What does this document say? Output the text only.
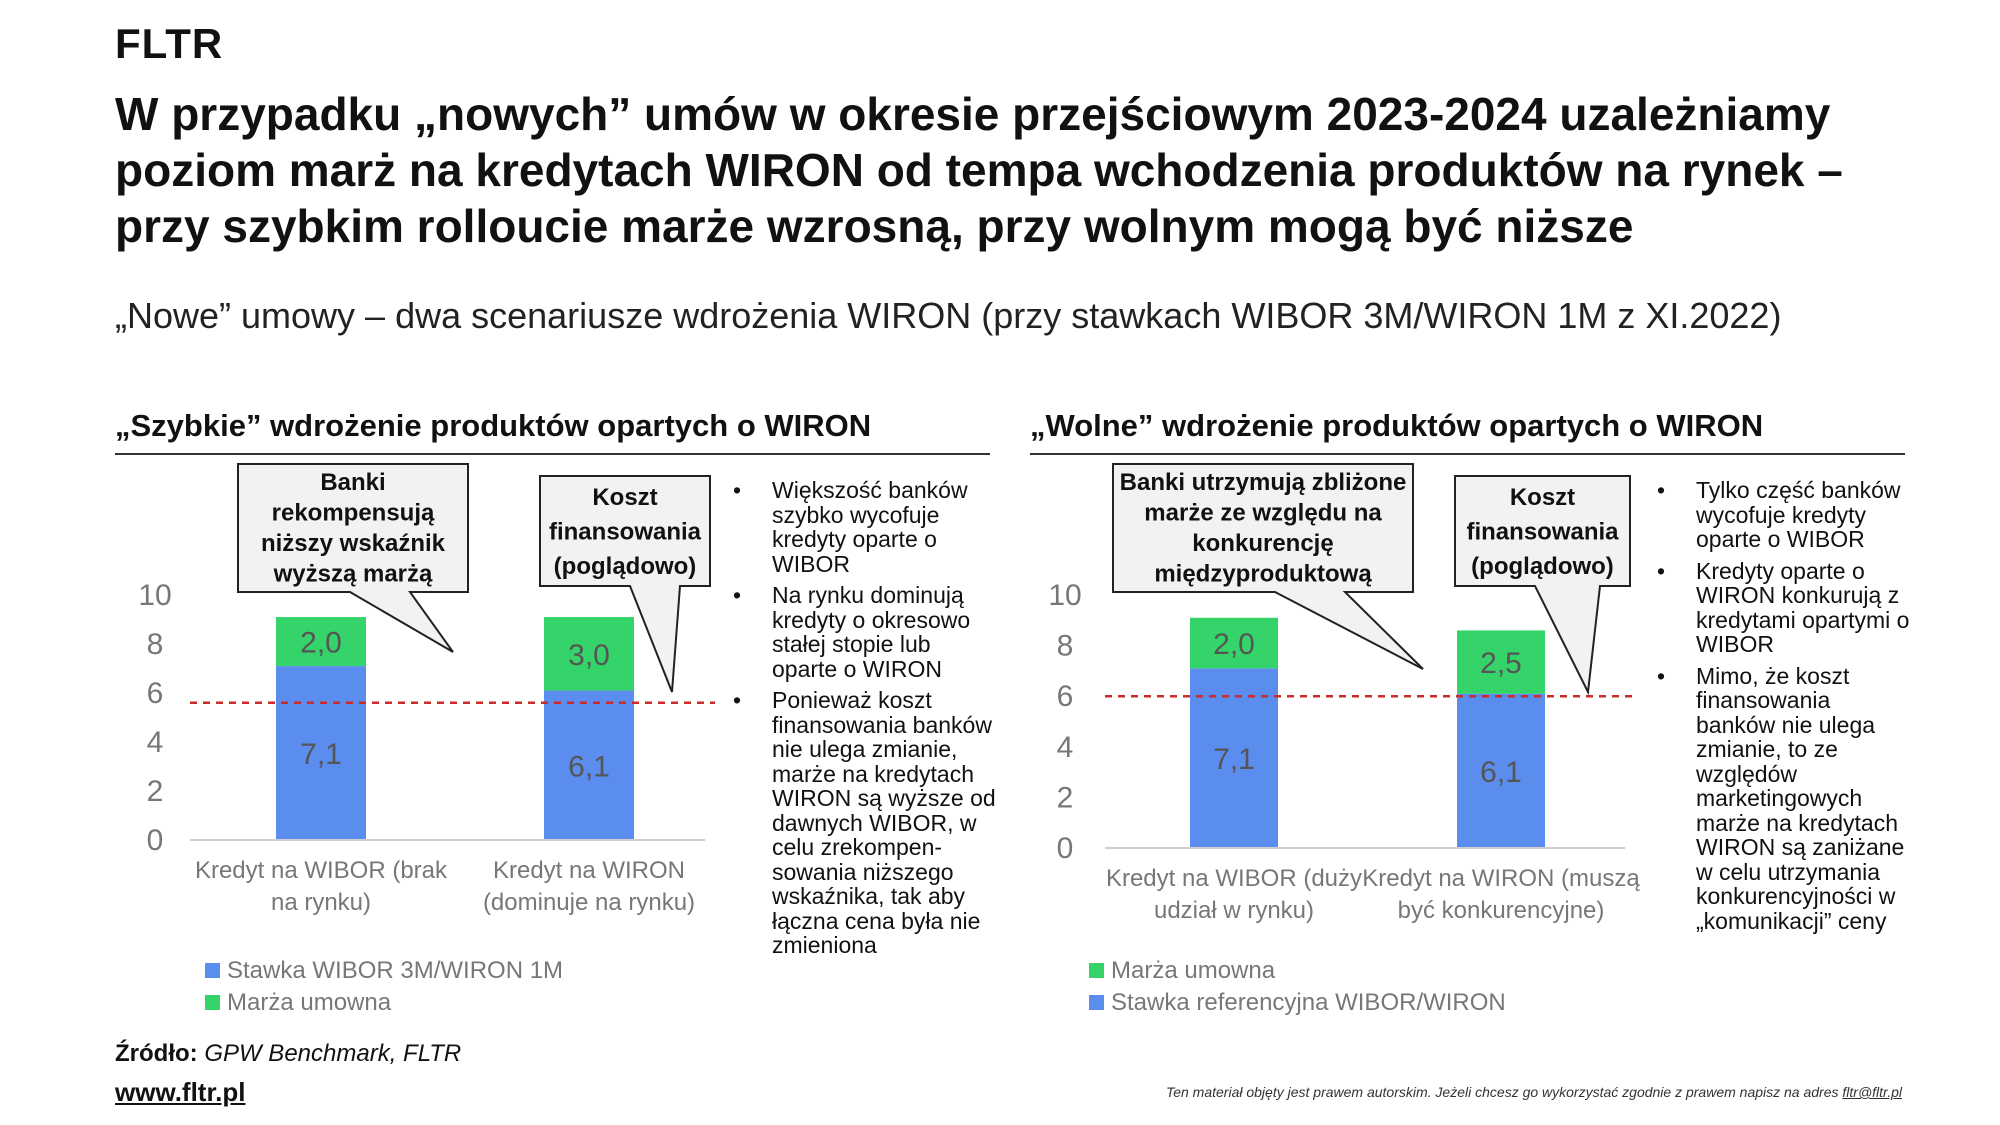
FLTR
W przypadku „nowych” umów w okresie przejściowym 2023-2024 uzależniamy
poziom marż na kredytach WIRON od tempa wchodzenia produktów na rynek –
przy szybkim rolloucie marże wzrosną, przy wolnym mogą być niższe
„Nowe” umowy – dwa scenariusze wdrożenia WIRON (przy stawkach WIBOR 3M/WIRON 1M z XI.2022)
„Szybkie” wdrożenie produktów opartych o WIRON	„Wolne” wdrożenie produktów opartych o WIRON
0
2
4
6
8
10
7,1
2,0
Kredyt na WIBOR (brak
na rynku)
6,1
3,0
Kredyt na WIRON
(dominuje na rynku)
Banki
rekompensują
niższy wskaźnik
wyższą marżą
Koszt
finansowania
(poglądowo)
Stawka WIBOR 3M/WIRON 1M
Marża umowna
0
2
4
6
8
10
7,1
2,0
Kredyt na WIBOR (duży
udział w rynku)
6,1
2,5
Kredyt na WIRON (muszą
być konkurencyjne)
Banki utrzymują zbliżone
marże ze względu na
konkurencję
międzyproduktową
Koszt
finansowania
(poglądowo)
Marża umowna
Stawka referencyjna WIBOR/WIRON
• Większość banków szybko wycofuje kredyty oparte o WIBOR
• Na rynku dominują kredyty o okresowo stałej stopie lub oparte o WIRON
• Ponieważ koszt finansowania banków nie ulega zmianie, marże na kredytach WIRON są wyższe od dawnych WIBOR, w celu zrekompen-sowania niższego wskaźnika, tak aby łączna cena była nie zmieniona
• Tylko część banków wycofuje kredyty oparte o WIBOR
• Kredyty oparte o WIRON konkurują z kredytami opartymi o WIBOR
• Mimo, że koszt finansowania banków nie ulega zmianie, to ze względów marketingowych marże na kredytach WIRON są zaniżane w celu utrzymania konkurencyjności w „komunikacji” ceny
Źródło: GPW Benchmark, FLTR
www.fltr.pl	Ten materiał objęty jest prawem autorskim. Jeżeli chcesz go wykorzystać zgodnie z prawem napisz na adres fltr@fltr.pl
